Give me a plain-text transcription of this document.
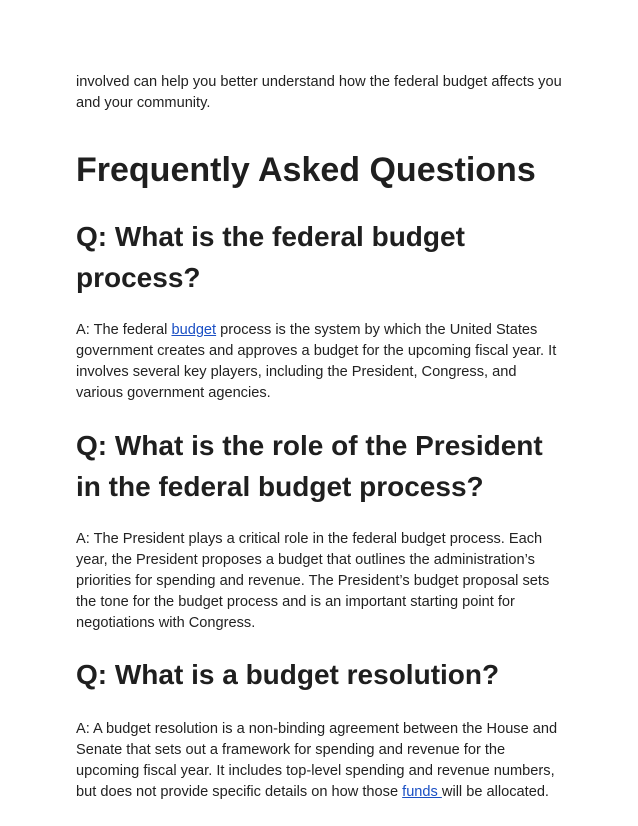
involved can help you better understand how the federal budget affects you and your community.

Frequently Asked Questions
Q: What is the federal budget process?

A: The federal budget process is the system by which the United States government creates and approves a budget for the upcoming fiscal year. It involves several key players, including the President, Congress, and various government agencies.

Q: What is the role of the President in the federal budget process?

A: The President plays a critical role in the federal budget process. Each year, the President proposes a budget that outlines the administration’s priorities for spending and revenue. The President’s budget proposal sets the tone for the budget process and is an important starting point for negotiations with Congress.

Q: What is a budget resolution?

A: A budget resolution is a non-binding agreement between the House and Senate that sets out a framework for spending and revenue for the upcoming fiscal year. It includes top-level spending and revenue numbers, but does not provide specific details on how those funds will be allocated.
